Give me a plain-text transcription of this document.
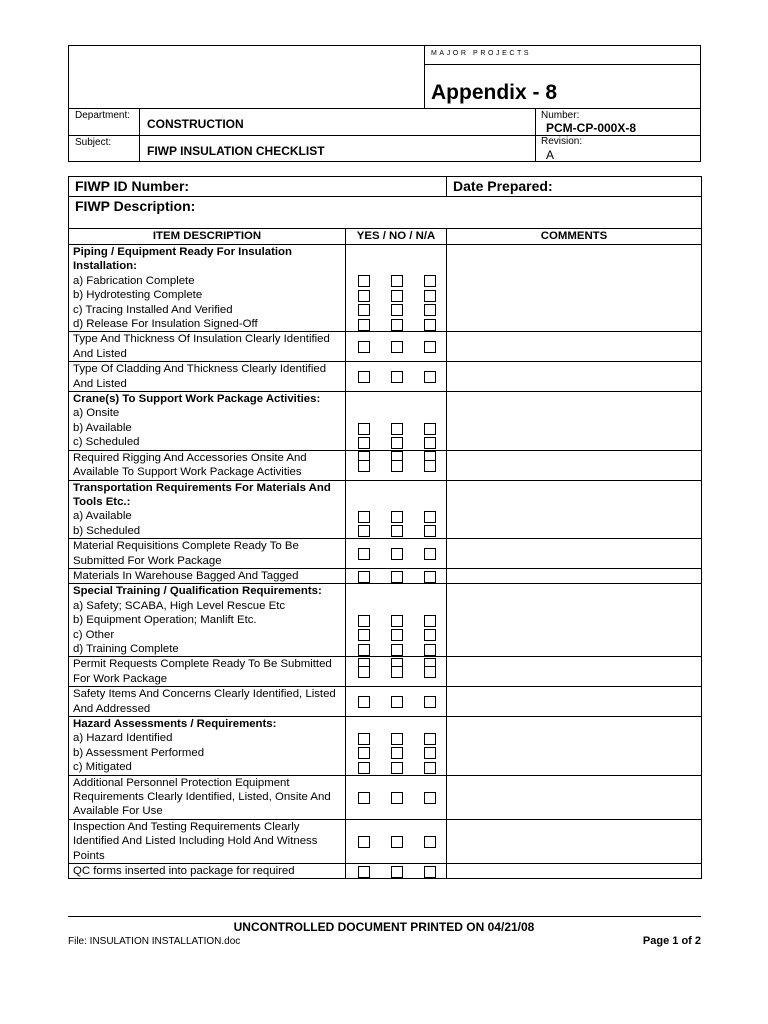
MAJOR PROJECTS
Appendix - 8
Department:
CONSTRUCTION
Subject:
FIWP INSULATION CHECKLIST
Number:
PCM-CP-000X-8
Revision:
A
FIWP ID Number:		Date Prepared:
FIWP Description:		
ITEM DESCRIPTION	YES / NO / N/A	COMMENTS

Piping / Equipment Ready For Insulation Installation:
a) Fabrication Complete
b) Hydrotesting Complete
c) Tracing Installed And Verified
d) Release For Insulation Signed-Off		

Type And Thickness Of Insulation Clearly Identified And Listed		

Type Of Cladding And Thickness Clearly Identified And Listed		

Crane(s) To Support Work Package Activities:
a) Onsite
b) Available
c) Scheduled		

Required Rigging And Accessories Onsite And Available To Support Work Package Activities		

Transportation Requirements For Materials And Tools Etc.:
a) Available
b) Scheduled		

Material Requisitions Complete Ready To Be Submitted For Work Package		

Materials In Warehouse Bagged And Tagged		

Special Training / Qualification Requirements:
a) Safety; SCABA, High Level Rescue Etc
b) Equipment Operation; Manlift Etc.
c) Other
d) Training Complete		

Permit Requests Complete Ready To Be Submitted For Work Package		

Safety Items And Concerns Clearly Identified, Listed And Addressed		

Hazard Assessments / Requirements:
a) Hazard Identified
b) Assessment Performed
c) Mitigated		

Additional Personnel Protection Equipment Requirements Clearly Identified, Listed, Onsite And Available For Use		

Inspection And Testing Requirements Clearly Identified And Listed Including Hold And Witness Points		

QC forms inserted into package for required		

UNCONTROLLED DOCUMENT PRINTED ON 04/21/08
File: INSULATION INSTALLATION.doc	Page 1 of 2
